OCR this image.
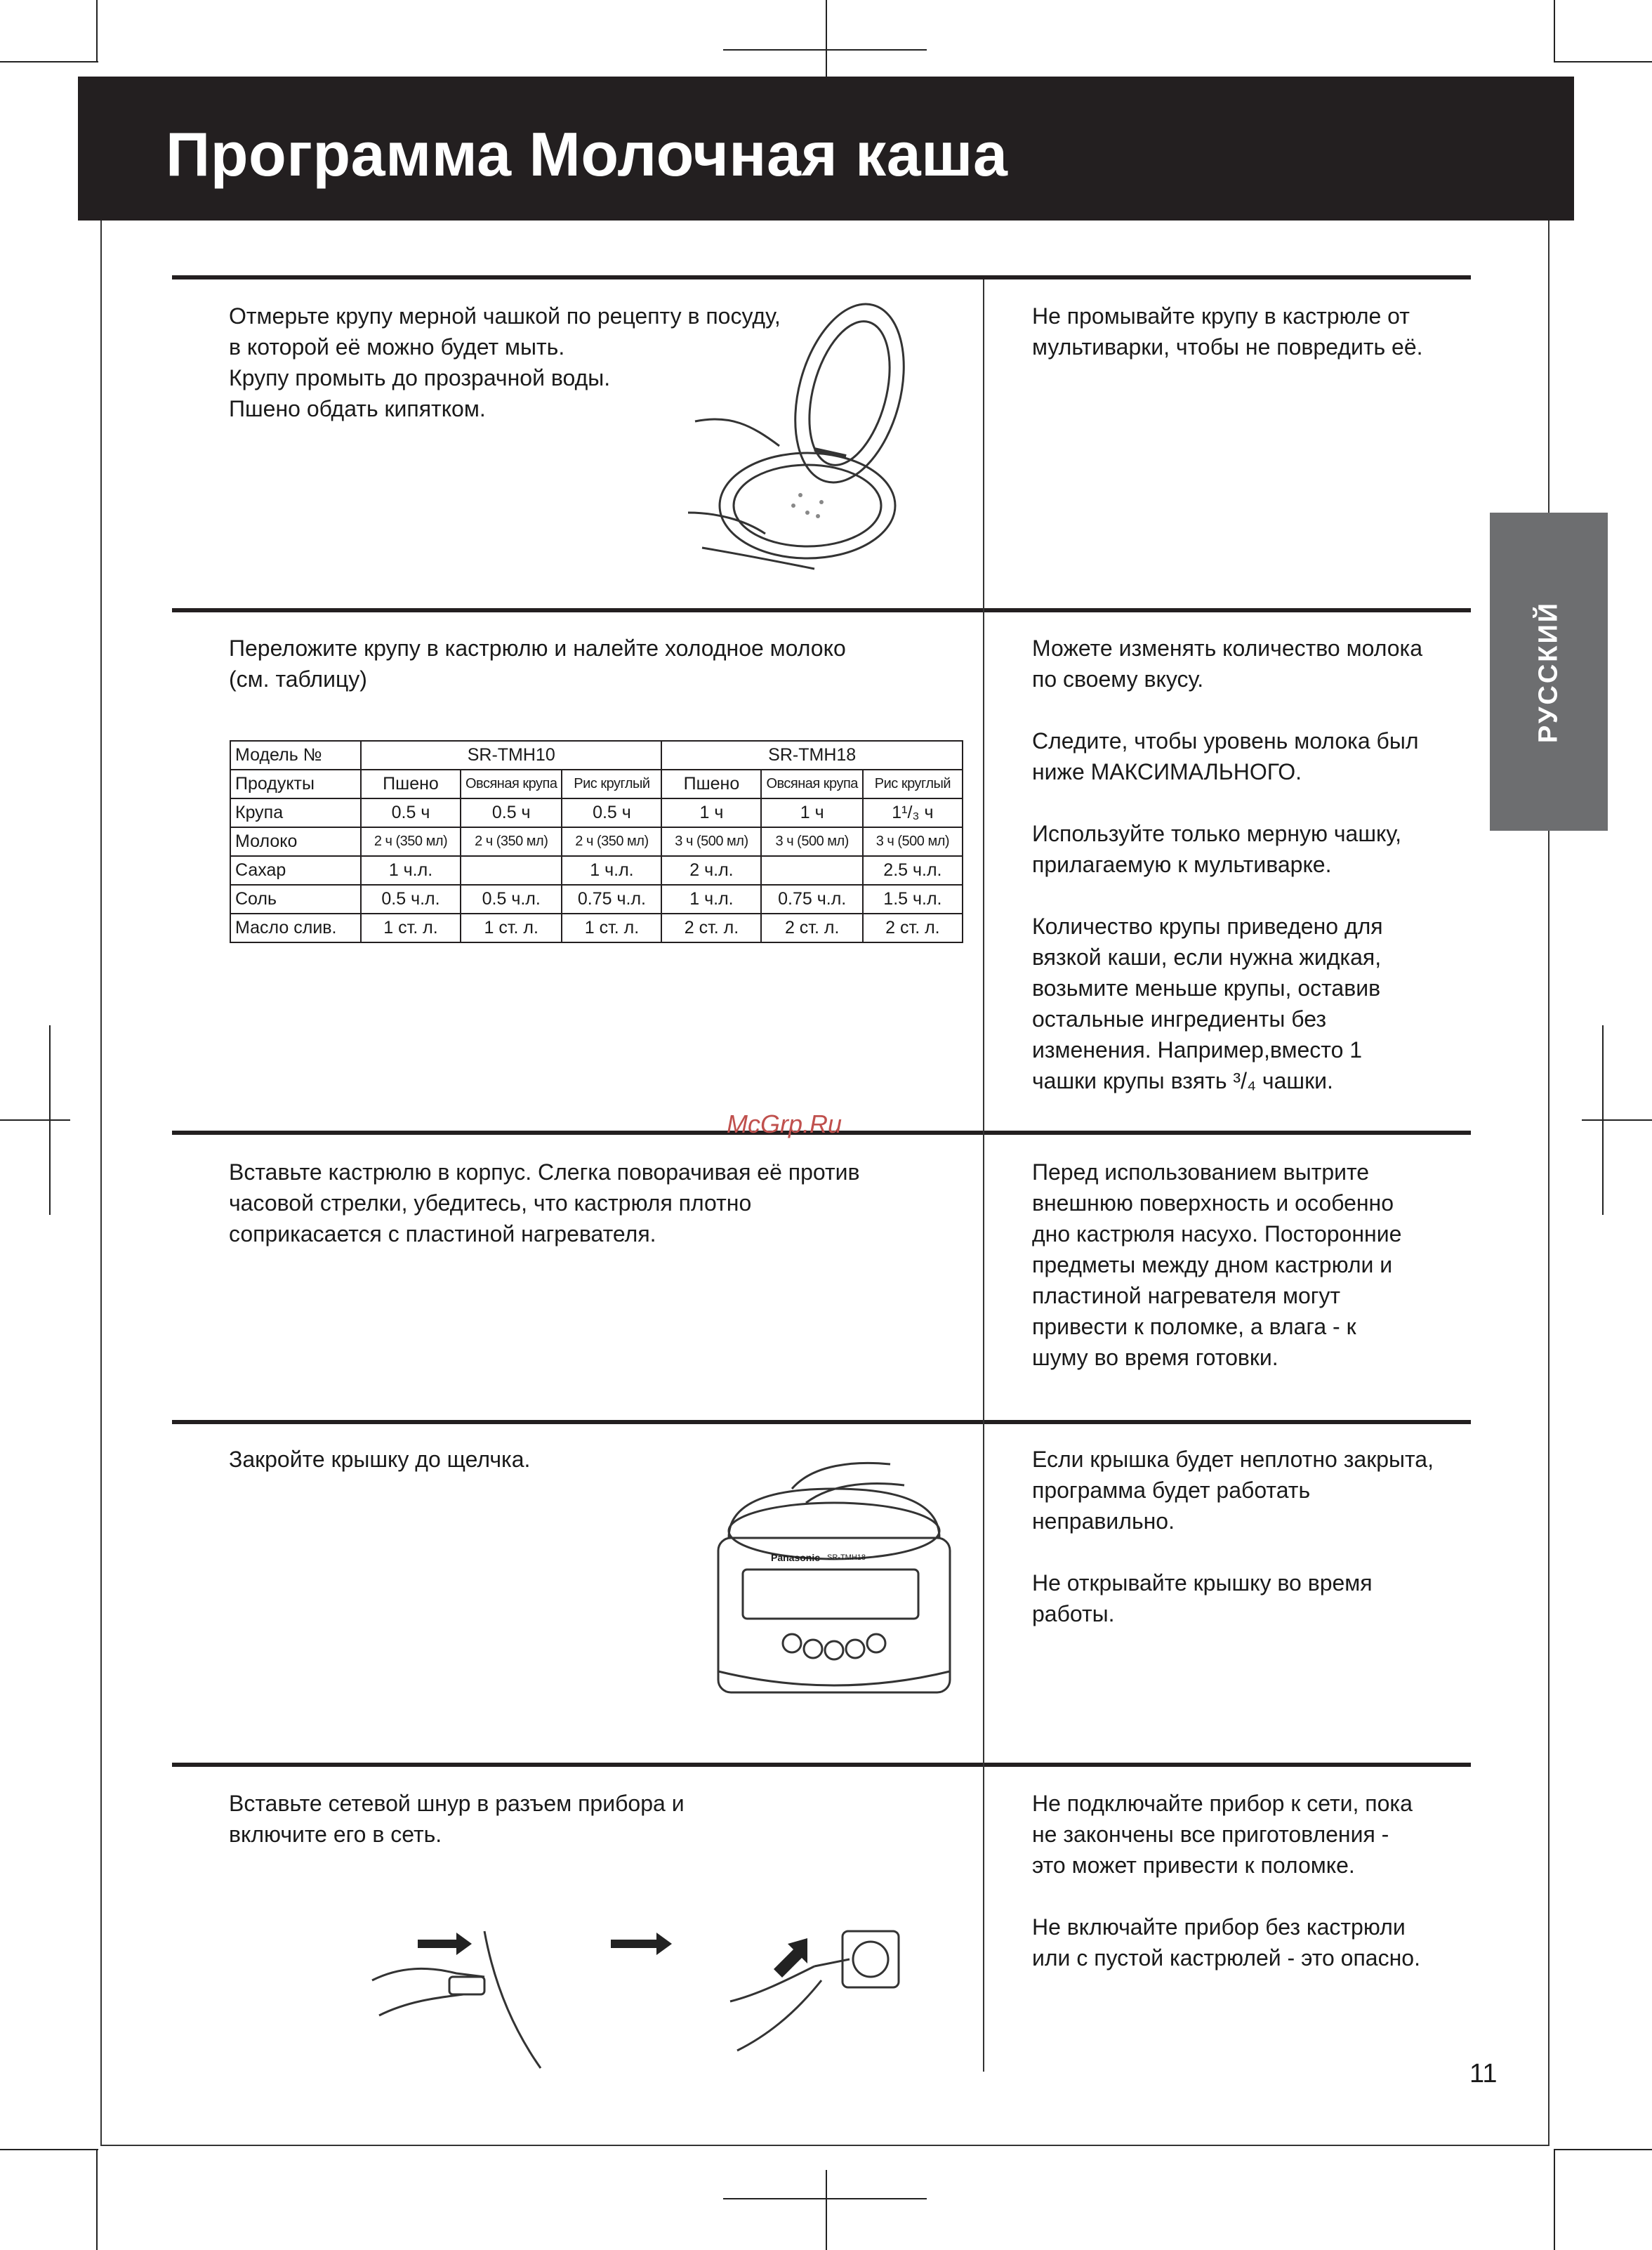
Программа Молочная каша
РУССКИЙ

Отмерьте крупу мерной чашкой по рецепту в посуду,

в которой её можно будет мыть.

Крупу промыть до прозрачной воды.

Пшено обдать кипятком.

Не промывайте крупу в кастрюле от

мультиварки, чтобы не повредить её.

Переложите крупу в кастрюлю и налейте холодное молоко

(см. таблицу)

Можете изменять количество молока

по своему вкусу.

Следите, чтобы уровень молока был

ниже МАКСИМАЛЬНОГО.

Используйте только мерную чашку,

прилагаемую к мультиварке.

Количество крупы приведено для

вязкой каши, если нужна жидкая,

возьмите меньше крупы, оставив

остальные ингредиенты без

изменения. Например,вместо 1

чашки крупы взять ³/₄ чашки.

Модель №	SR-TMH10			SR-TMH18		
Продукты	Пшено	Овсяная крупа	Рис круглый	Пшено	Овсяная крупа	Рис круглый
Крупа	0.5 ч	0.5 ч	0.5 ч	1 ч	1 ч	1¹/₃ ч
Молоко	2 ч (350 мл)	2 ч (350 мл)	2 ч (350 мл)	3 ч (500 мл)	3 ч (500 мл)	3 ч (500 мл)
Сахар	1 ч.л.		1 ч.л.	2 ч.л.		2.5 ч.л.
Соль	0.5 ч.л.	0.5 ч.л.	0.75 ч.л.	1 ч.л.	0.75 ч.л.	1.5 ч.л.
Масло слив.	1 ст. л.	1 ст. л.	1 ст. л.	2 ст. л.	2 ст. л.	2 ст. л.
McGrp.Ru

Вставьте кастрюлю в корпус. Слегка поворачивая её против

часовой стрелки, убедитесь, что кастрюля плотно

соприкасается с пластиной нагревателя.

Перед использованием вытрите

внешнюю поверхность и особенно

дно кастрюля насухо. Посторонние

предметы между дном кастрюли и

пластиной нагревателя могут

привести к поломке, а влага - к

шуму во время готовки.

Закройте крышку до щелчка.	Если крышка будет неплотно закрыта,

программа будет работать

неправильно.

Не открывайте крышку во время

работы.

Panasonic SR-TMH18

Вставьте сетевой шнур в разъем прибора и

включите его в сеть.

Не подключайте прибор к сети, пока

не закончены все приготовления -

это может привести к поломке.

Не включайте прибор без кастрюли

или с пустой кастрюлей - это опасно.

11
